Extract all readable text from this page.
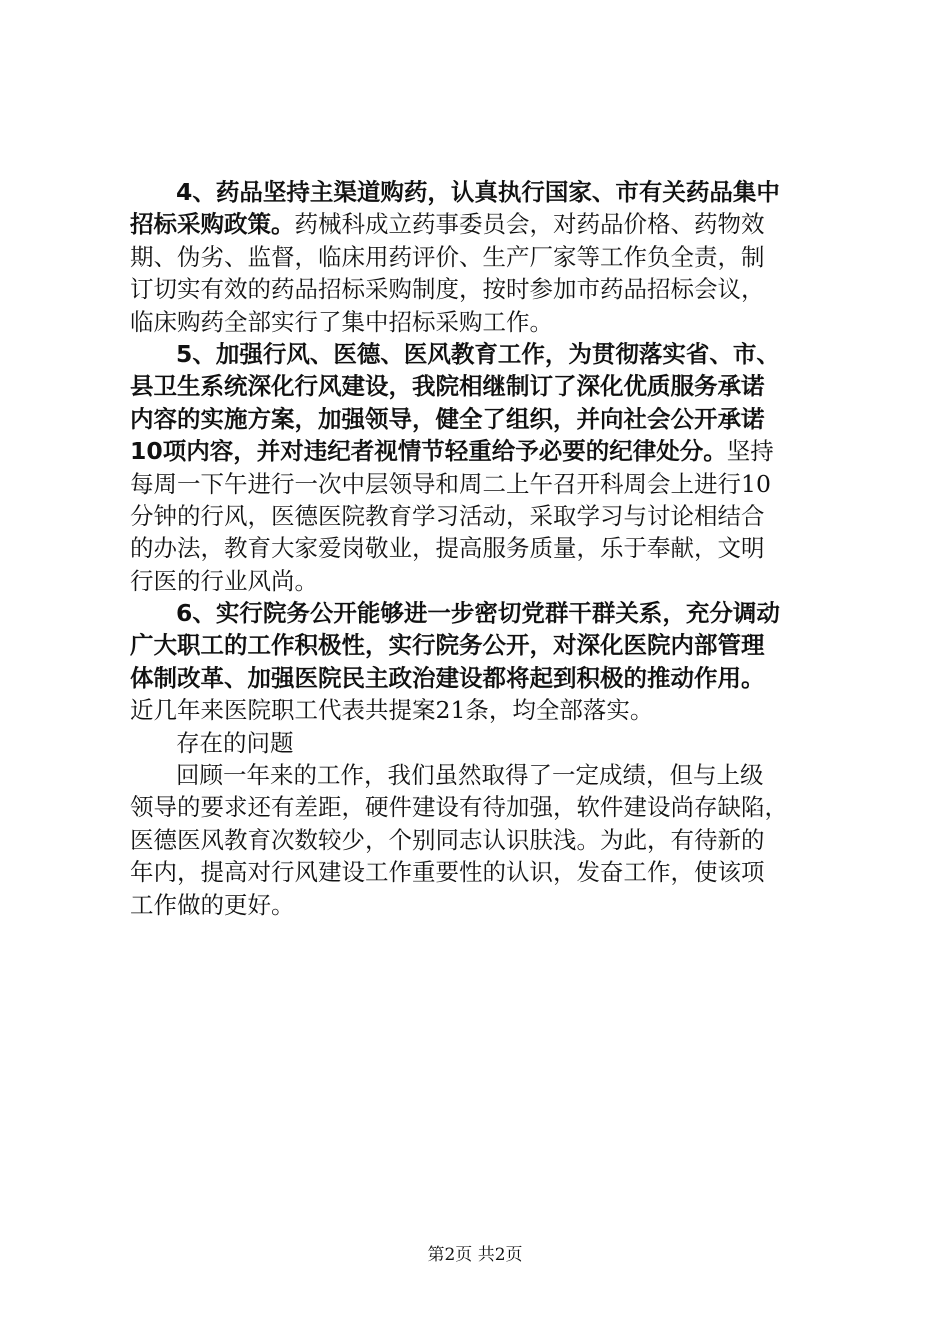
4、药品坚持主渠道购药，认真执行国家、市有关药品集中
招标采购政策。药械科成立药事委员会，对药品价格、药物效
期、伪劣、监督，临床用药评价、生产厂家等工作负全责，制
订切实有效的药品招标采购制度，按时参加市药品招标会议，
临床购药全部实行了集中招标采购工作。
5、加强行风、医德、医风教育工作，为贯彻落实省、市、
县卫生系统深化行风建设，我院相继制订了深化优质服务承诺
内容的实施方案，加强领导，健全了组织，并向社会公开承诺
10项内容，并对违纪者视情节轻重给予必要的纪律处分。坚持
每周一下午进行一次中层领导和周二上午召开科周会上进行10
分钟的行风，医德医院教育学习活动，采取学习与讨论相结合
的办法，教育大家爱岗敬业，提高服务质量，乐于奉献，文明
行医的行业风尚。
6、实行院务公开能够进一步密切党群干群关系，充分调动
广大职工的工作积极性，实行院务公开，对深化医院内部管理
体制改革、加强医院民主政治建设都将起到积极的推动作用。
近几年来医院职工代表共提案21条，均全部落实。
存在的问题
回顾一年来的工作，我们虽然取得了一定成绩，但与上级
领导的要求还有差距，硬件建设有待加强，软件建设尚存缺陷，
医德医风教育次数较少，个别同志认识肤浅。为此，有待新的
年内，提高对行风建设工作重要性的认识，发奋工作，使该项
工作做的更好。
第2页 共2页
